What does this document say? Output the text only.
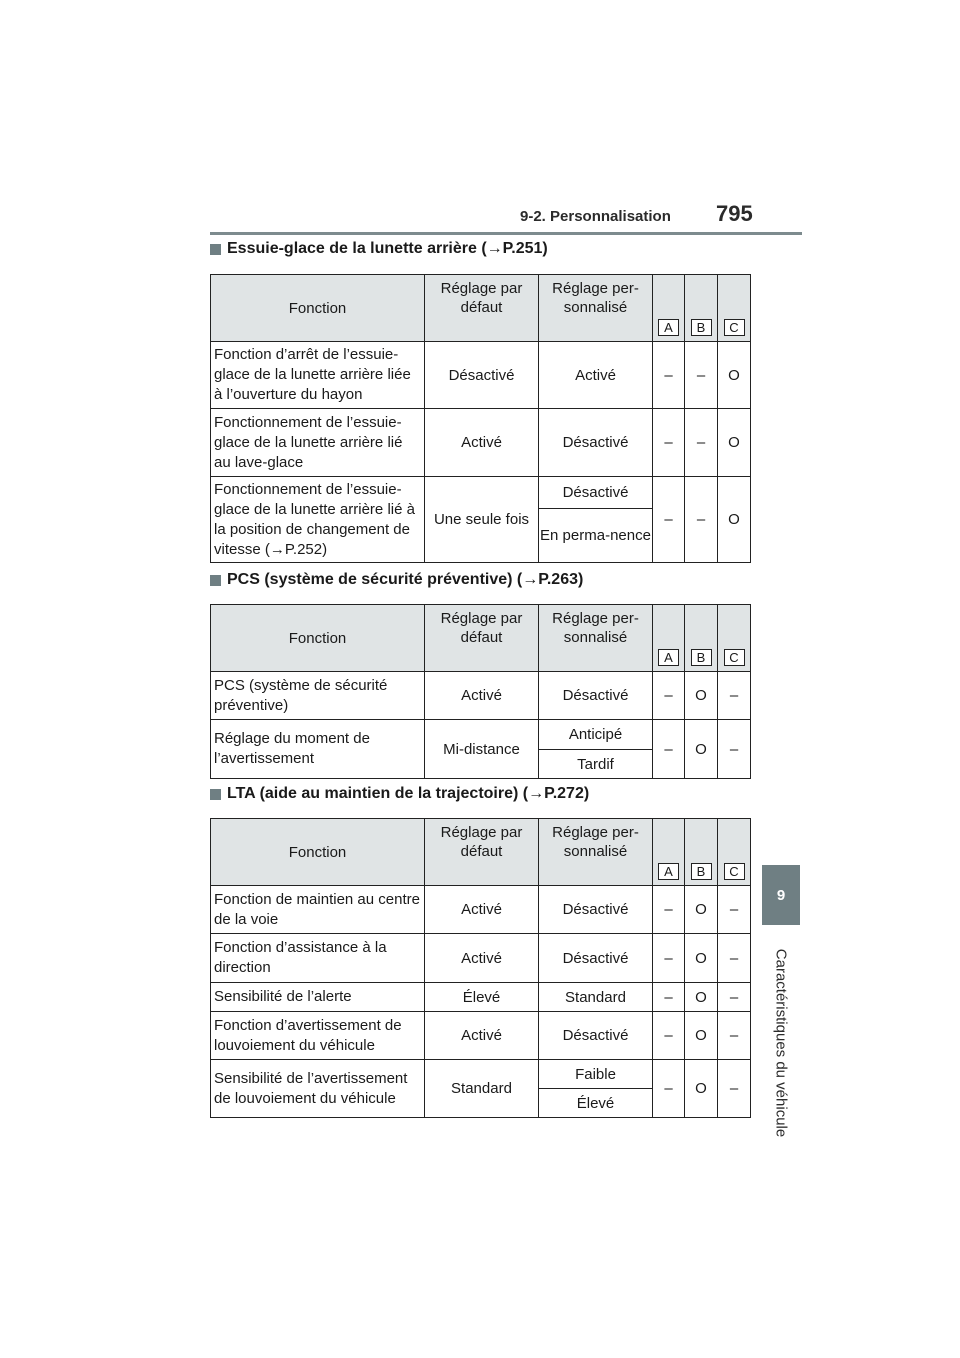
9-2. Personnalisation	795
9
Caractéristiques du véhicule
Essuie-glace de la lunette arrière (→P.251)
Fonction	Réglage par défaut	Réglage per-sonnalisé	A	B	C
Fonction d’arrêt de l’essuie-glace de la lunette arrière liée à l’ouverture du hayon	Désactivé	Activé	–	–	O
Fonctionnement de l’essuie-glace de la lunette arrière lié au lave-glace	Activé	Désactivé	–	–	O
Fonctionnement de l’essuie-glace de la lunette arrière lié à la position de changement de vitesse (→P.252)	Une seule fois	Désactivé	–	–	O
		En perma-nence			
PCS (système de sécurité préventive) (→P.263)
Fonction	Réglage par défaut	Réglage per-sonnalisé	A	B	C
PCS (système de sécurité préventive)	Activé	Désactivé	–	O	–
Réglage du moment de l’avertissement	Mi-distance	Anticipé	–	O	–
		Tardif			
LTA (aide au maintien de la trajectoire) (→P.272)
Fonction	Réglage par défaut	Réglage per-sonnalisé	A	B	C
Fonction de maintien au centre de la voie	Activé	Désactivé	–	O	–
Fonction d’assistance à la direction	Activé	Désactivé	–	O	–
Sensibilité de l’alerte	Élevé	Standard	–	O	–
Fonction d’avertissement de louvoiement du véhicule	Activé	Désactivé	–	O	–
Sensibilité de l’avertissement de louvoiement du véhicule	Standard	Faible	–	O	–
		Élevé			
